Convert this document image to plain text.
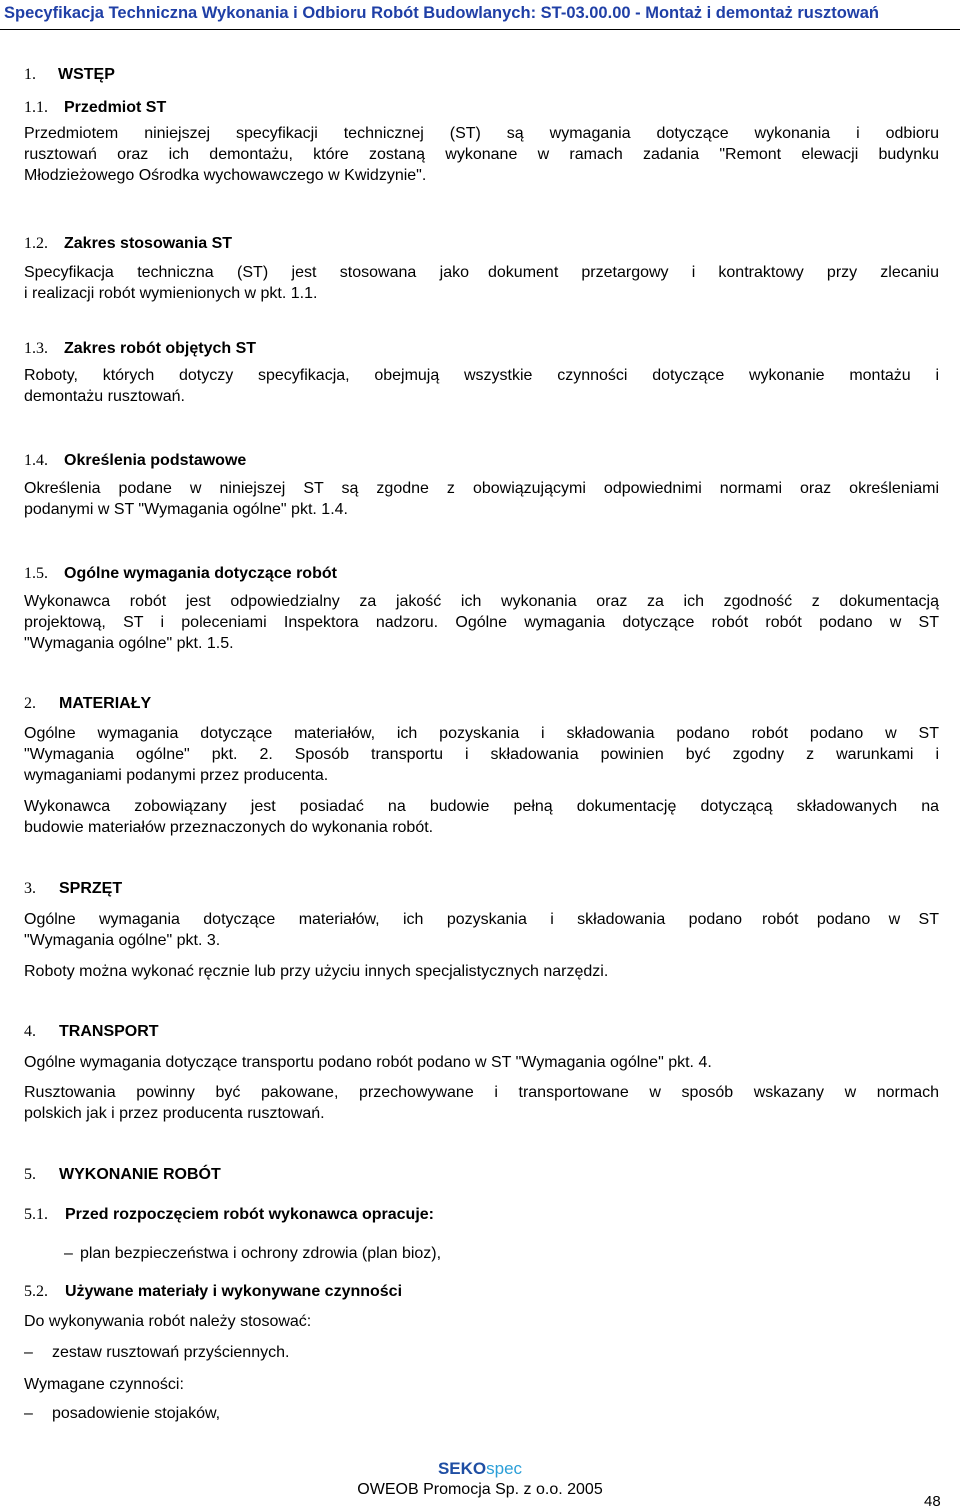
Specyfikacja Techniczna Wykonania i Odbioru Robót Budowlanych: ST-03.00.00 - Montaż i demontaż rusztowań
1. WSTĘP
1.1. Przedmiot ST
Przedmiotem niniejszej specyfikacji technicznej (ST) są wymagania dotyczące wykonania i odbioru
rusztowań oraz ich demontażu, które zostaną wykonane w ramach zadania "Remont elewacji budynku
Młodzieżowego Ośrodka wychowawczego w Kwidzynie".
1.2. Zakres stosowania ST
Specyfikacja techniczna (ST) jest stosowana jako dokument przetargowy i kontraktowy przy zlecaniu
i realizacji robót wymienionych w pkt. 1.1.
1.3. Zakres robót objętych ST
Roboty, których dotyczy specyfikacja, obejmują wszystkie czynności dotyczące wykonanie montażu i
demontażu rusztowań.
1.4. Określenia podstawowe
Określenia podane w niniejszej ST są zgodne z obowiązującymi odpowiednimi normami oraz określeniami
podanymi w ST "Wymagania ogólne" pkt. 1.4.
1.5. Ogólne wymagania dotyczące robót
Wykonawca robót jest odpowiedzialny za jakość ich wykonania oraz za ich zgodność z dokumentacją
projektową, ST i poleceniami Inspektora nadzoru. Ogólne wymagania dotyczące robót robót podano w ST
"Wymagania ogólne" pkt. 1.5.
2. MATERIAŁY
Ogólne wymagania dotyczące materiałów, ich pozyskania i składowania podano robót podano w ST
"Wymagania ogólne" pkt. 2. Sposób transportu i składowania powinien być zgodny z warunkami i
wymaganiami podanymi przez producenta.
Wykonawca zobowiązany jest posiadać na budowie pełną dokumentację dotyczącą składowanych na
budowie materiałów przeznaczonych do wykonania robót.
3. SPRZĘT
Ogólne wymagania dotyczące materiałów, ich pozyskania i składowania podano robót podano w ST
"Wymagania ogólne" pkt. 3.
Roboty można wykonać ręcznie lub przy użyciu innych specjalistycznych narzędzi.
4. TRANSPORT
Ogólne wymagania dotyczące transportu podano robót podano w ST "Wymagania ogólne" pkt. 4.
Rusztowania powinny być pakowane, przechowywane i transportowane w sposób wskazany w normach
polskich jak i przez producenta rusztowań.
5. WYKONANIE ROBÓT
5.1. Przed rozpoczęciem robót wykonawca opracuje:
– plan bezpieczeństwa i ochrony zdrowia (plan bioz),
5.2. Używane materiały i wykonywane czynności
Do wykonywania robót należy stosować:
– zestaw rusztowań przyściennych.
Wymagane czynności:
– posadowienie stojaków,
SEKOspec
OWEOB Promocja Sp. z o.o. 2005
48
